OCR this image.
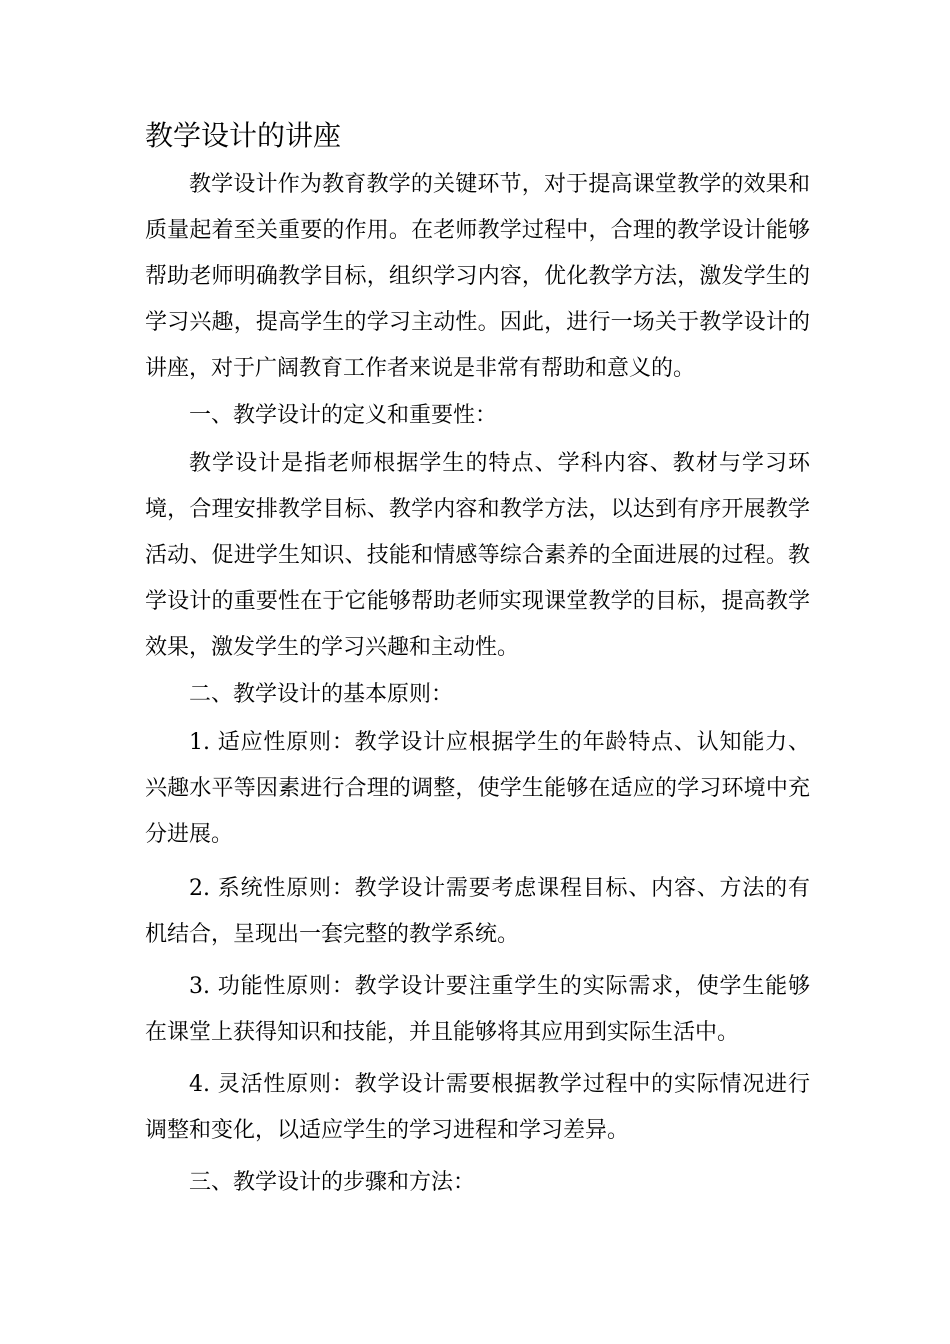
教学设计的讲座

教学设计作为教育教学的关键环节，对于提高课堂教学的效果和质量起着至关重要的作用。在老师教学过程中，合理的教学设计能够帮助老师明确教学目标，组织学习内容，优化教学方法，激发学生的学习兴趣，提高学生的学习主动性。因此，进行一场关于教学设计的讲座，对于广阔教育工作者来说是非常有帮助和意义的。

一、教学设计的定义和重要性：

教学设计是指老师根据学生的特点、学科内容、教材与学习环境，合理安排教学目标、教学内容和教学方法，以达到有序开展教学活动、促进学生知识、技能和情感等综合素养的全面进展的过程。教学设计的重要性在于它能够帮助老师实现课堂教学的目标，提高教学效果，激发学生的学习兴趣和主动性。

二、教学设计的基本原则：

1. 适应性原则：教学设计应根据学生的年龄特点、认知能力、兴趣水平等因素进行合理的调整，使学生能够在适应的学习环境中充分进展。

2. 系统性原则：教学设计需要考虑课程目标、内容、方法的有机结合，呈现出一套完整的教学系统。

3. 功能性原则：教学设计要注重学生的实际需求，使学生能够在课堂上获得知识和技能，并且能够将其应用到实际生活中。

4. 灵活性原则：教学设计需要根据教学过程中的实际情况进行调整和变化，以适应学生的学习进程和学习差异。

三、教学设计的步骤和方法：
